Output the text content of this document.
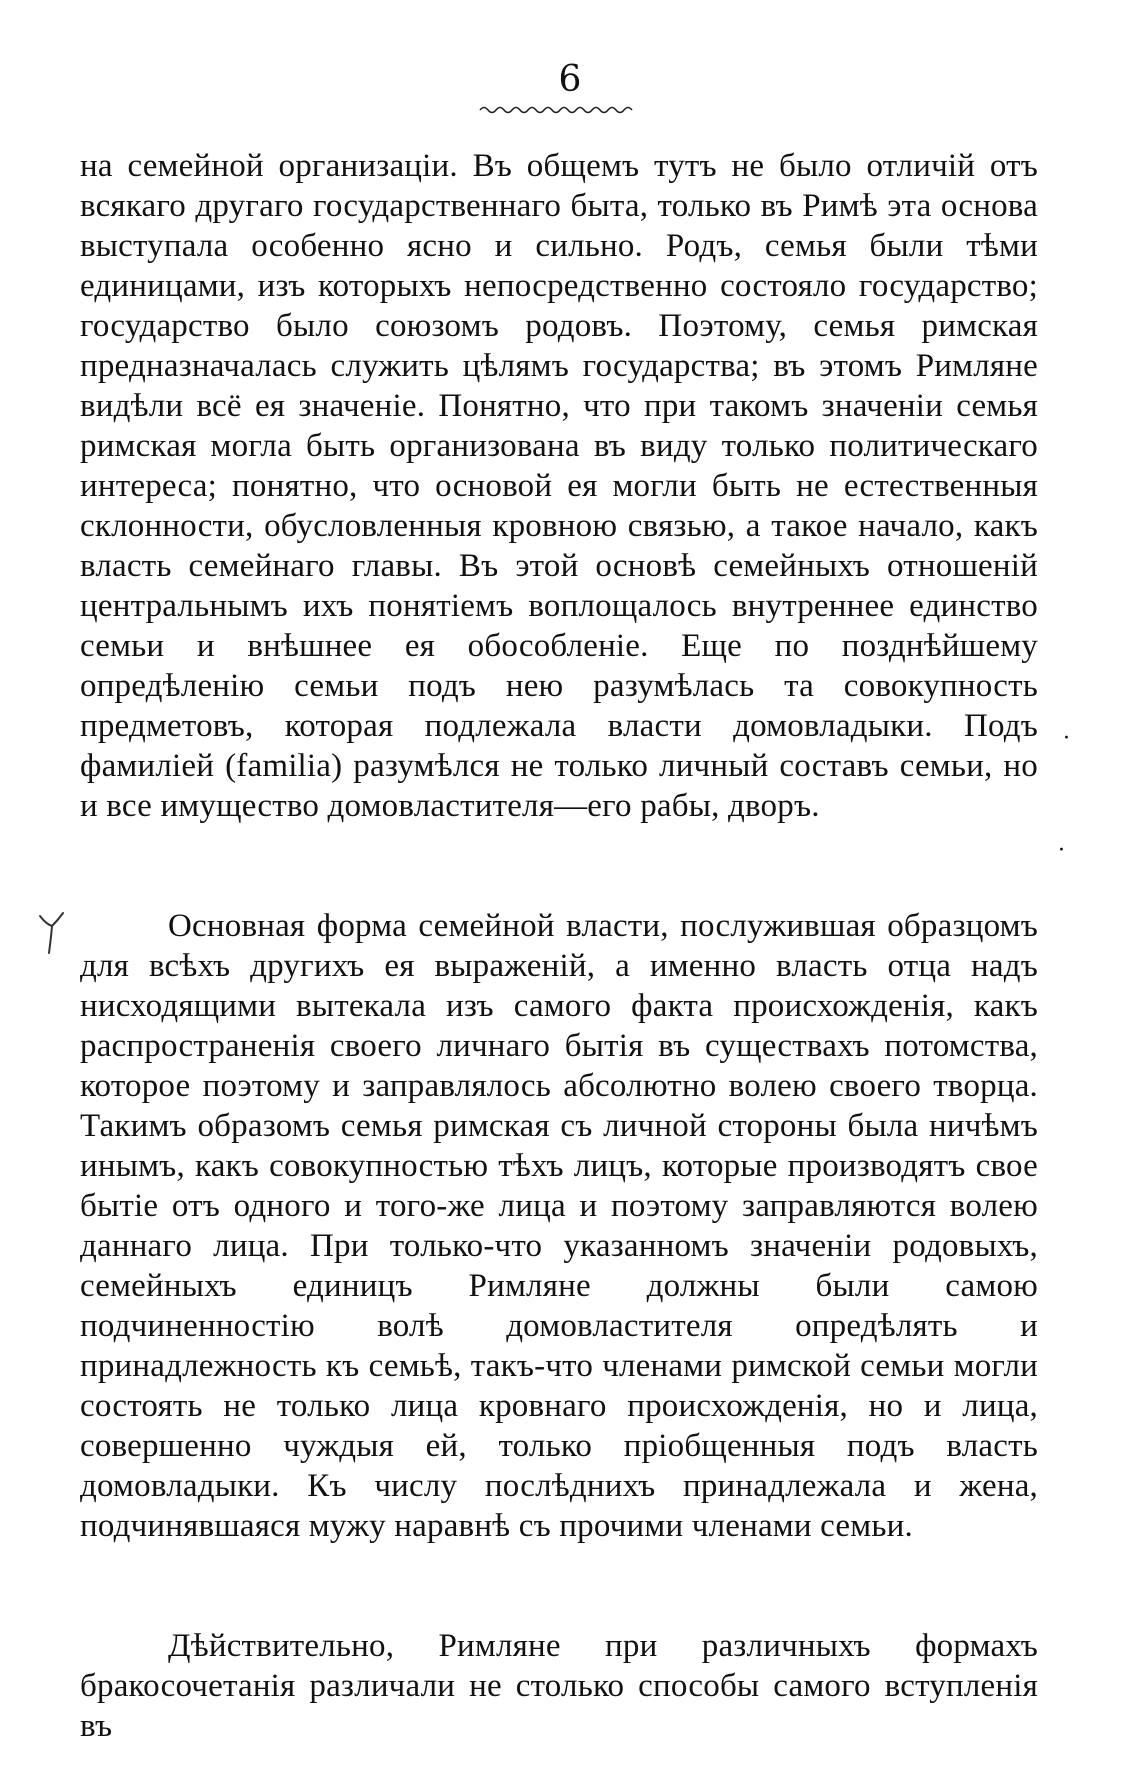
6
·
·

на семейной организаціи. Въ общемъ тутъ не было отличій отъ всякаго другаго государственнаго быта, только въ Римѣ эта основа выступала особенно ясно и сильно. Родъ, семья были тѣми единицами, изъ которыхъ непосредственно состояло государство; государство было союзомъ родовъ. Поэтому, семья римская предназначалась служить цѣлямъ государства; въ этомъ Римляне видѣли всё ея значеніе. Понятно, что при такомъ значеніи семья римская могла быть организована въ виду только политическаго интереса; понятно, что основой ея могли быть не естественныя склонности, обусловленныя кровною связью, а такое начало, какъ власть семейнаго главы. Въ этой основѣ семейныхъ отношеній центральнымъ ихъ понятіемъ воплощалось внутреннее единство семьи и внѣшнее ея обособленіе. Еще по позднѣйшему опредѣленію семьи подъ нею разумѣлась та совокупность предметовъ, которая подлежала власти домовладыки. Подъ фамиліей (familia) разумѣлся не только личный составъ семьи, но и все имущество домовластителя—его рабы, дворъ.

Основная форма семейной власти, послужившая образцомъ для всѣхъ другихъ ея выраженій, а именно власть отца надъ нисходящими вытекала изъ самого факта происхожденія, какъ распространенія своего личнаго бытія въ существахъ потомства, которое поэтому и заправлялось абсолютно волею своего творца. Такимъ образомъ семья римская съ личной стороны была ничѣмъ инымъ, какъ совокупностью тѣхъ лицъ, которые производятъ свое бытіе отъ одного и того-же лица и поэтому заправляются волею даннаго лица. При только-что указанномъ значеніи родовыхъ, семейныхъ единицъ Римляне должны были самою подчиненностію волѣ домовластителя опредѣлять и принадлежность къ семьѣ, такъ-что членами римской семьи могли состоять не только лица кровнаго происхожденія, но и лица, совершенно чуждыя ей, только пріобщенныя подъ власть домовладыки. Къ числу послѣднихъ принадлежала и жена, подчинявшаяся мужу наравнѣ съ прочими членами семьи.

Дѣйствительно, Римляне при различныхъ формахъ бракосочетанія различали не столько способы самого вступленія въ
